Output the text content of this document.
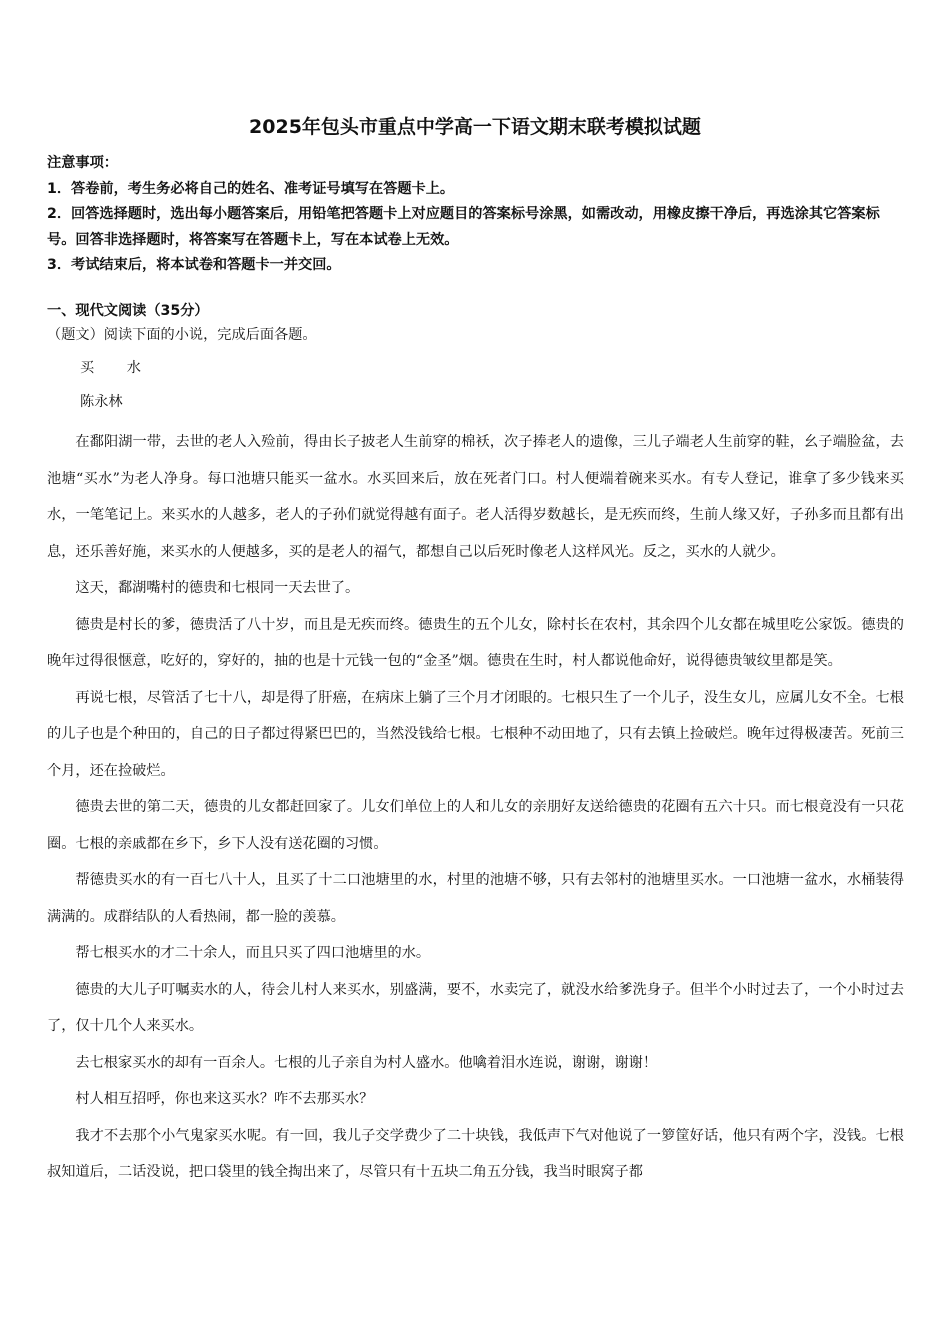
2025年包头市重点中学高一下语文期末联考模拟试题

注意事项：

1．答卷前，考生务必将自己的姓名、准考证号填写在答题卡上。

2．回答选择题时，选出每小题答案后，用铅笔把答题卡上对应题目的答案标号涂黑，如需改动，用橡皮擦干净后，再选涂其它答案标号。回答非选择题时，将答案写在答题卡上，写在本试卷上无效。

3．考试结束后，将本试卷和答题卡一并交回。

一、现代文阅读（35分）
（题文）阅读下面的小说，完成后面各题。
买 水
陈永林

在鄱阳湖一带，去世的老人入殓前，得由长子披老人生前穿的棉袄，次子捧老人的遗像，三儿子端老人生前穿的鞋，幺子端脸盆，去池塘“买水”为老人净身。每口池塘只能买一盆水。水买回来后，放在死者门口。村人便端着碗来买水。有专人登记，谁拿了多少钱来买水，一笔笔记上。来买水的人越多，老人的子孙们就觉得越有面子。老人活得岁数越长，是无疾而终，生前人缘又好，子孙多而且都有出息，还乐善好施，来买水的人便越多，买的是老人的福气，都想自己以后死时像老人这样风光。反之，买水的人就少。

这天，鄱湖嘴村的德贵和七根同一天去世了。

德贵是村长的爹，德贵活了八十岁，而且是无疾而终。德贵生的五个儿女，除村长在农村，其余四个儿女都在城里吃公家饭。德贵的晚年过得很惬意，吃好的，穿好的，抽的也是十元钱一包的“金圣”烟。德贵在生时，村人都说他命好，说得德贵皱纹里都是笑。

再说七根，尽管活了七十八，却是得了肝癌，在病床上躺了三个月才闭眼的。七根只生了一个儿子，没生女儿，应属儿女不全。七根的儿子也是个种田的，自己的日子都过得紧巴巴的，当然没钱给七根。七根种不动田地了，只有去镇上捡破烂。晚年过得极凄苦。死前三个月，还在捡破烂。

德贵去世的第二天，德贵的儿女都赶回家了。儿女们单位上的人和儿女的亲朋好友送给德贵的花圈有五六十只。而七根竟没有一只花圈。七根的亲戚都在乡下，乡下人没有送花圈的习惯。

帮德贵买水的有一百七八十人，且买了十二口池塘里的水，村里的池塘不够，只有去邻村的池塘里买水。一口池塘一盆水，水桶装得满满的。成群结队的人看热闹，都一脸的羡慕。

帮七根买水的才二十余人，而且只买了四口池塘里的水。

德贵的大儿子叮嘱卖水的人，待会儿村人来买水，别盛满，要不，水卖完了，就没水给爹洗身子。但半个小时过去了，一个小时过去了，仅十几个人来买水。

去七根家买水的却有一百余人。七根的儿子亲自为村人盛水。他噙着泪水连说，谢谢，谢谢！

村人相互招呼，你也来这买水？咋不去那买水？

我才不去那个小气鬼家买水呢。有一回，我儿子交学费少了二十块钱，我低声下气对他说了一箩筐好话，他只有两个字，没钱。七根叔知道后，二话没说，把口袋里的钱全掏出来了，尽管只有十五块二角五分钱，我当时眼窝子都
